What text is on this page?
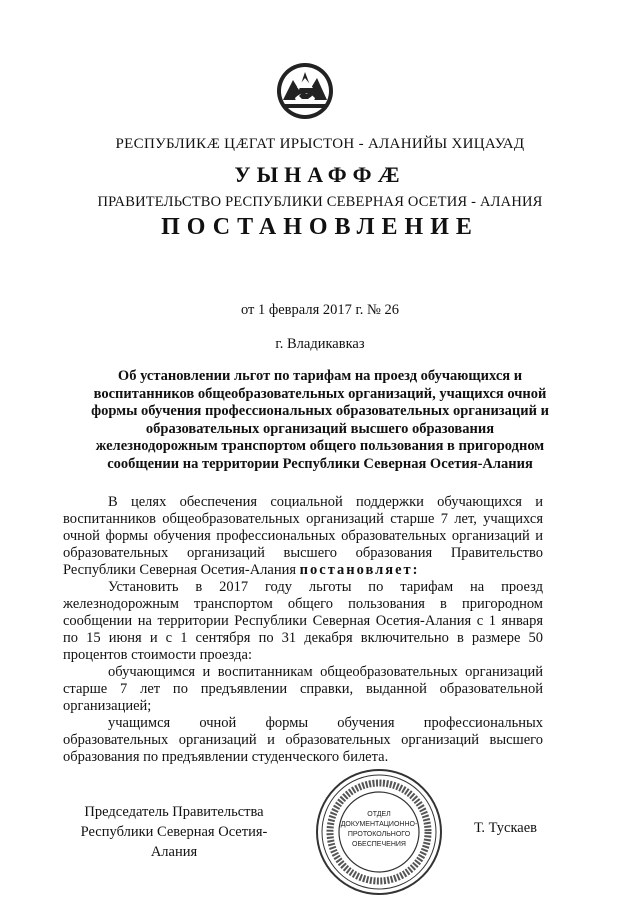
РЕСПУБЛИКӔ ЦӔГАТ ИРЫСТОН - АЛАНИЙЫ ХИЦАУАД
УЫНАФФӔ
ПРАВИТЕЛЬСТВО РЕСПУБЛИКИ СЕВЕРНАЯ ОСЕТИЯ - АЛАНИЯ
ПОСТАНОВЛЕНИЕ
от 1 февраля 2017 г. № 26
г. Владикавказ
Об установлении льгот по тарифам на проезд обучающихся и воспитанников общеобразовательных организаций, учащихся очной формы обучения профессиональных образовательных организаций и образовательных организаций высшего образования железнодорожным транспортом общего пользования в пригородном сообщении на территории Республики Северная Осетия-Алания

В целях обеспечения социальной поддержки обучающихся и воспитанников общеобразовательных организаций старше 7 лет, учащихся очной формы обучения профессиональных образовательных организаций и образовательных организаций высшего образования Правительство Республики Северная Осетия-Алания постановляет:

Установить в 2017 году льготы по тарифам на проезд железнодорожным транспортом общего пользования в пригородном сообщении на территории Республики Северная Осетия-Алания с 1 января по 15 июня и с 1 сентября по 31 декабря включительно в размере 50 процентов стоимости проезда:

обучающимся и воспитанникам общеобразовательных организаций старше 7 лет по предъявлении справки, выданной образовательной организацией;

учащимся очной формы обучения профессиональных образовательных организаций и образовательных организаций высшего образования по предъявлении студенческого билета.

Председатель Правительства
Республики Северная Осетия-Алания
ОТДЕЛ
ДОКУМЕНТАЦИОННО-
ПРОТОКОЛЬНОГО
ОБЕСПЕЧЕНИЯ
Т. Тускаев
